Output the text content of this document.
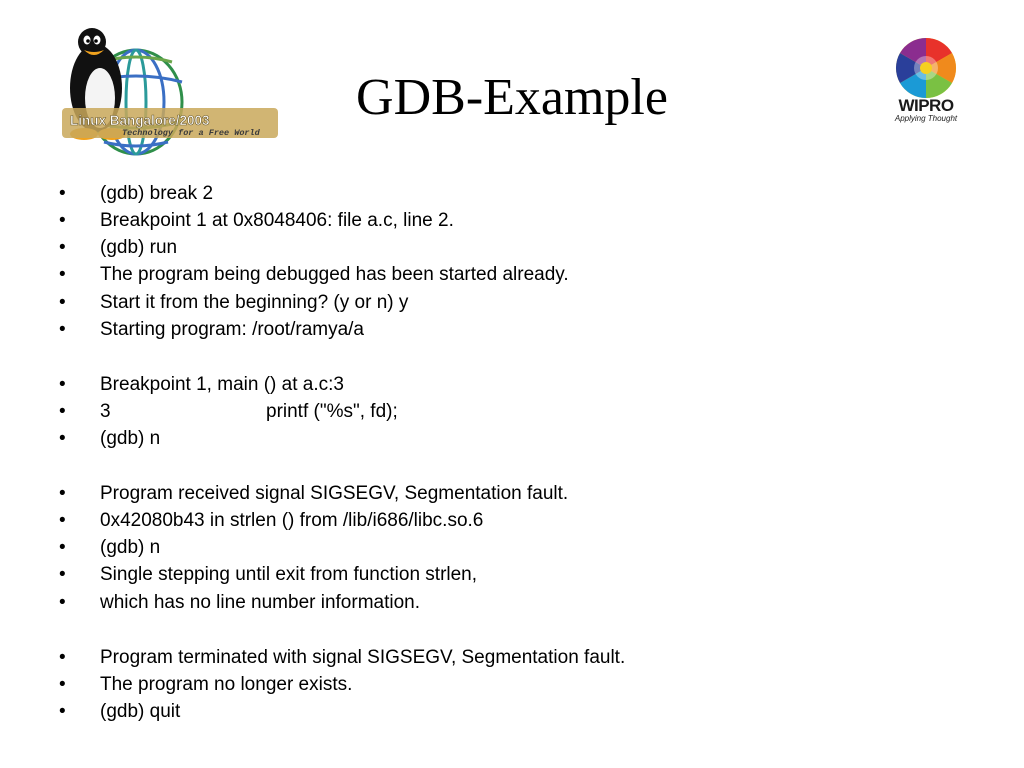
Linux Bangalore/2003
Technology for a Free World
GDB-Example	WIPRO
Applying Thought
• (gdb) break 2
• Breakpoint 1 at 0x8048406: file a.c, line 2.
• (gdb) run
• The program being debugged has been started already.
• Start it from the beginning? (y or n) y
• Starting program: /root/ramya/a
• Breakpoint 1, main () at a.c:3
• 3	printf ("%s", fd);
• (gdb) n
• Program received signal SIGSEGV, Segmentation fault.
• 0x42080b43 in strlen () from /lib/i686/libc.so.6
• (gdb) n
• Single stepping until exit from function strlen,
• which has no line number information.
• Program terminated with signal SIGSEGV, Segmentation fault.
• The program no longer exists.
• (gdb) quit
